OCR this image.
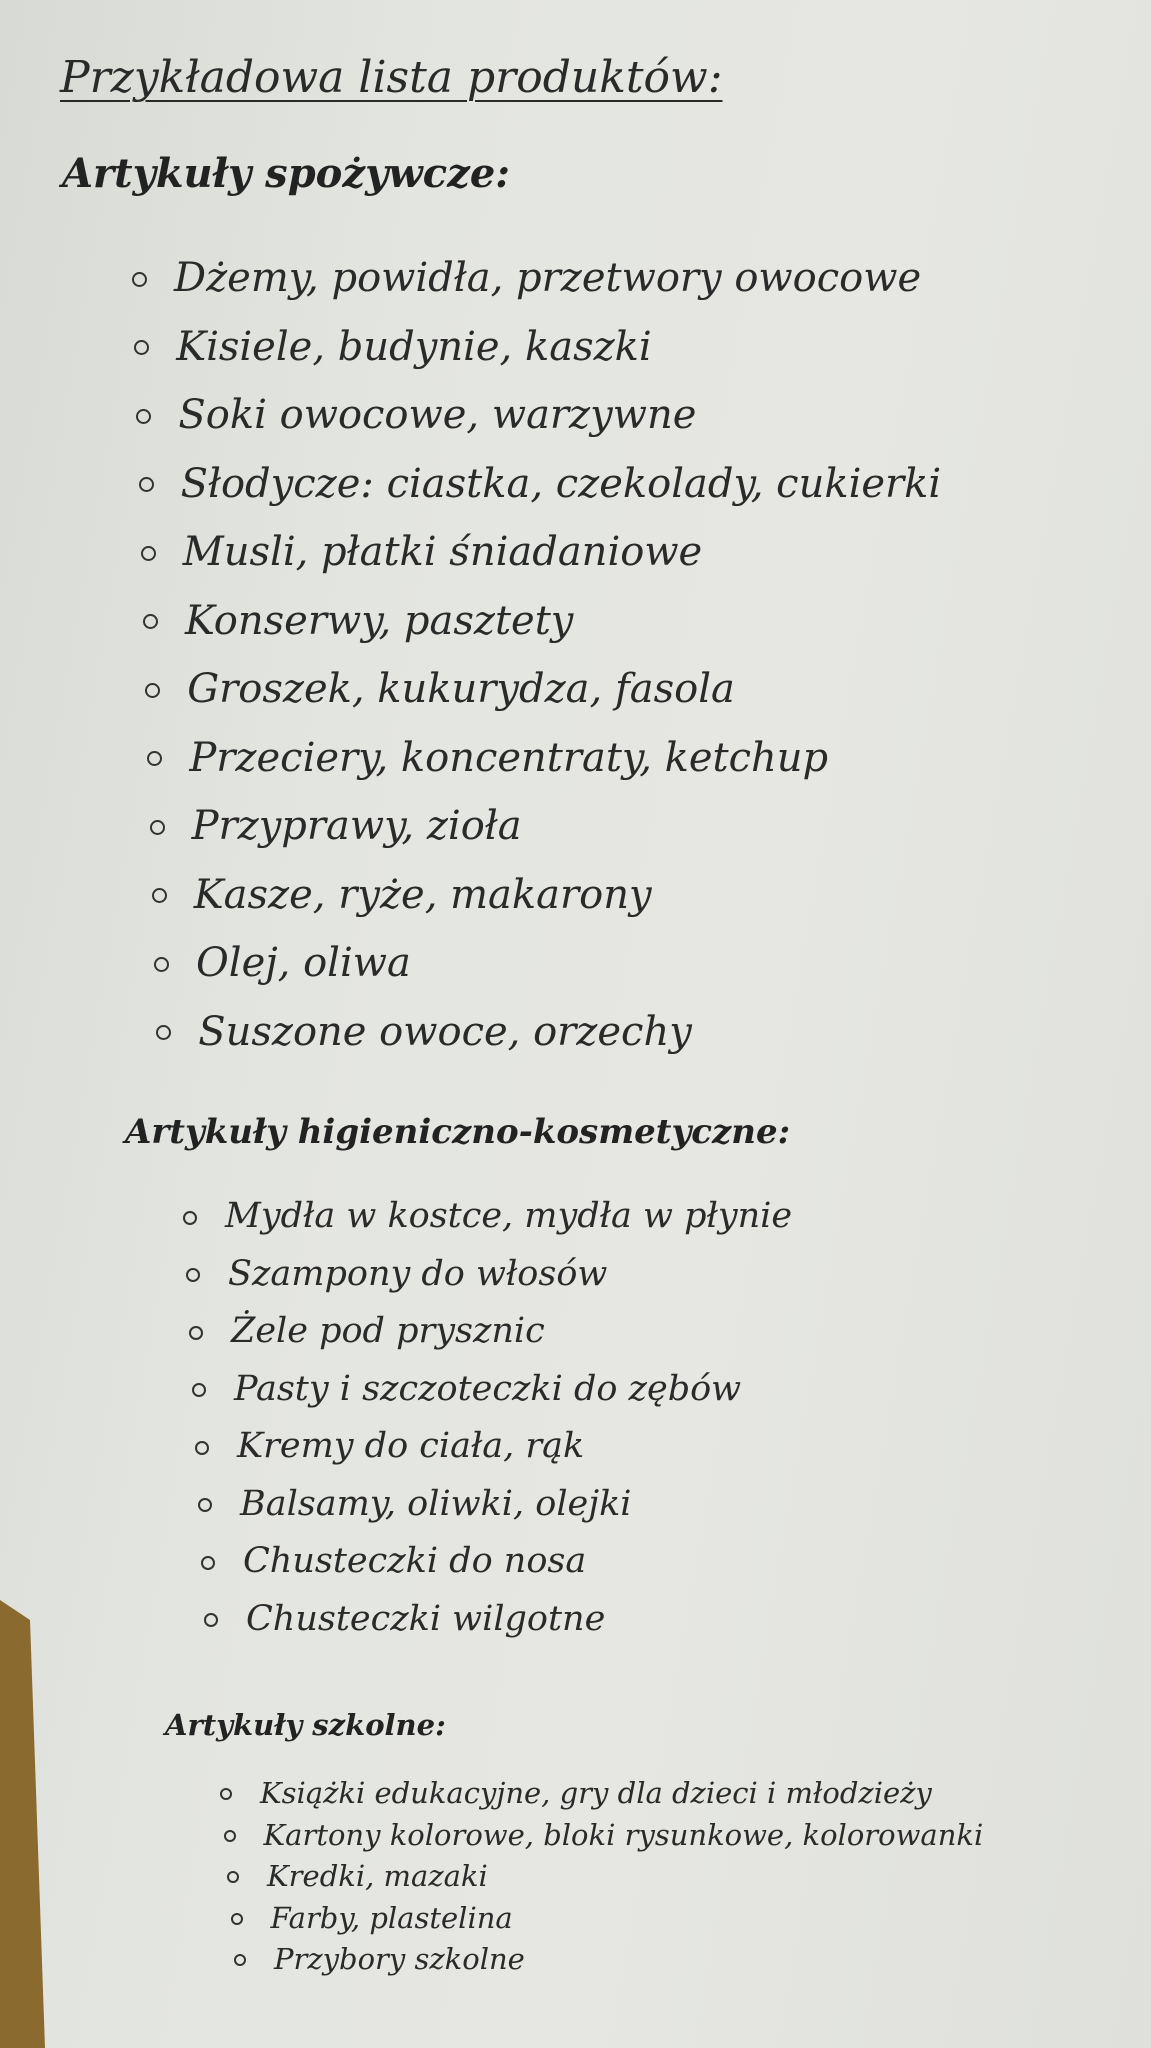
Przykładowa lista produktów:
Artykuły spożywcze:
Dżemy, powidła, przetwory owocowe
Kisiele, budynie, kaszki
Soki owocowe, warzywne
Słodycze: ciastka, czekolady, cukierki
Musli, płatki śniadaniowe
Konserwy, pasztety
Groszek, kukurydza, fasola
Przeciery, koncentraty, ketchup
Przyprawy, zioła
Kasze, ryże, makarony
Olej, oliwa
Suszone owoce, orzechy
Artykuły higieniczno-kosmetyczne:
Mydła w kostce, mydła w płynie
Szampony do włosów
Żele pod prysznic
Pasty i szczoteczki do zębów
Kremy do ciała, rąk
Balsamy, oliwki, olejki
Chusteczki do nosa
Chusteczki wilgotne
Artykuły szkolne:
Książki edukacyjne, gry dla dzieci i młodzieży
Kartony kolorowe, bloki rysunkowe, kolorowanki
Kredki, mazaki
Farby, plastelina
Przybory szkolne
